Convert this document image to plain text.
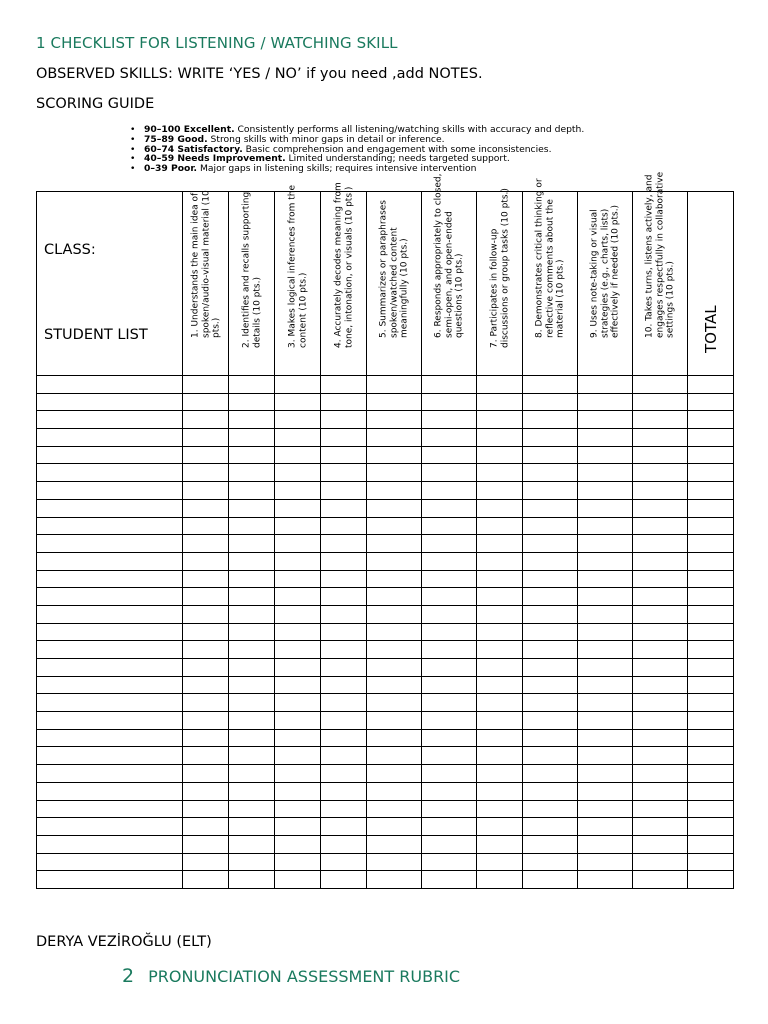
1 CHECKLIST FOR LISTENING / WATCHING SKILL
OBSERVED SKILLS: WRITE ‘YES / NO’ if you need ,add NOTES.
SCORING GUIDE
• 90–100 Excellent. Consistently performs all listening/watching skills with accuracy and depth.
• 75–89 Good. Strong skills with minor gaps in detail or inference.
• 60–74 Satisfactory. Basic comprehension and engagement with some inconsistencies.
• 40–59 Needs Improvement. Limited understanding; needs targeted support.
• 0–39 Poor. Major gaps in listening skills; requires intensive intervention
CLASS:
STUDENT LIST	1. Understands the main idea of spoken/audio-visual material (10 pts.)	2. Identifies and recalls supporting details (10 pts.)	3. Makes logical inferences from the content (10 pts.)	4. Accurately decodes meaning from tone, intonation, or visuals (10 pts.)	5. Summarizes or paraphrases spoken/watched content meaningfully (10 pts.)	6. Responds appropriately to closed, semi-open, and open-ended questions (10 pts.)	7. Participates in follow-up discussions or group tasks (10 pts.)	8. Demonstrates critical thinking or reflective comments about the material (10 pts.)	9. Uses note-taking or visual strategies (e.g., charts, lists) effectively if needed (10 pts.)	10. Takes turns, listens actively, and engages respectfully in collaborative settings (10 pts.)	TOTAL

DERYA VEZİROĞLU (ELT)
2 PRONUNCIATION ASSESSMENT RUBRIC
